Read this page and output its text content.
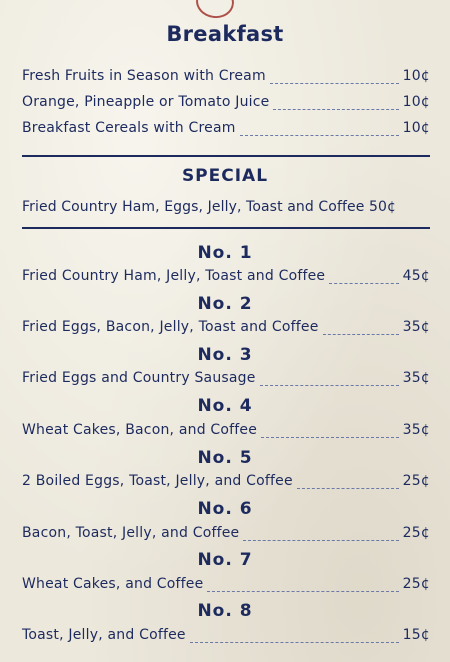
Breakfast
Fresh Fruits in Season with Cream	10¢
Orange, Pineapple or Tomato Juice	10¢
Breakfast Cereals with Cream	10¢
SPECIAL
Fried Country Ham, Eggs, Jelly, Toast and Coffee 50¢
No. 1
Fried Country Ham, Jelly, Toast and Coffee	45¢
No. 2
Fried Eggs, Bacon, Jelly, Toast and Coffee	35¢
No. 3
Fried Eggs and Country Sausage	35¢
No. 4
Wheat Cakes, Bacon, and Coffee	35¢
No. 5
2 Boiled Eggs, Toast, Jelly, and Coffee	25¢
No. 6
Bacon, Toast, Jelly, and Coffee	25¢
No. 7
Wheat Cakes, and Coffee	25¢
No. 8
Toast, Jelly, and Coffee	15¢
